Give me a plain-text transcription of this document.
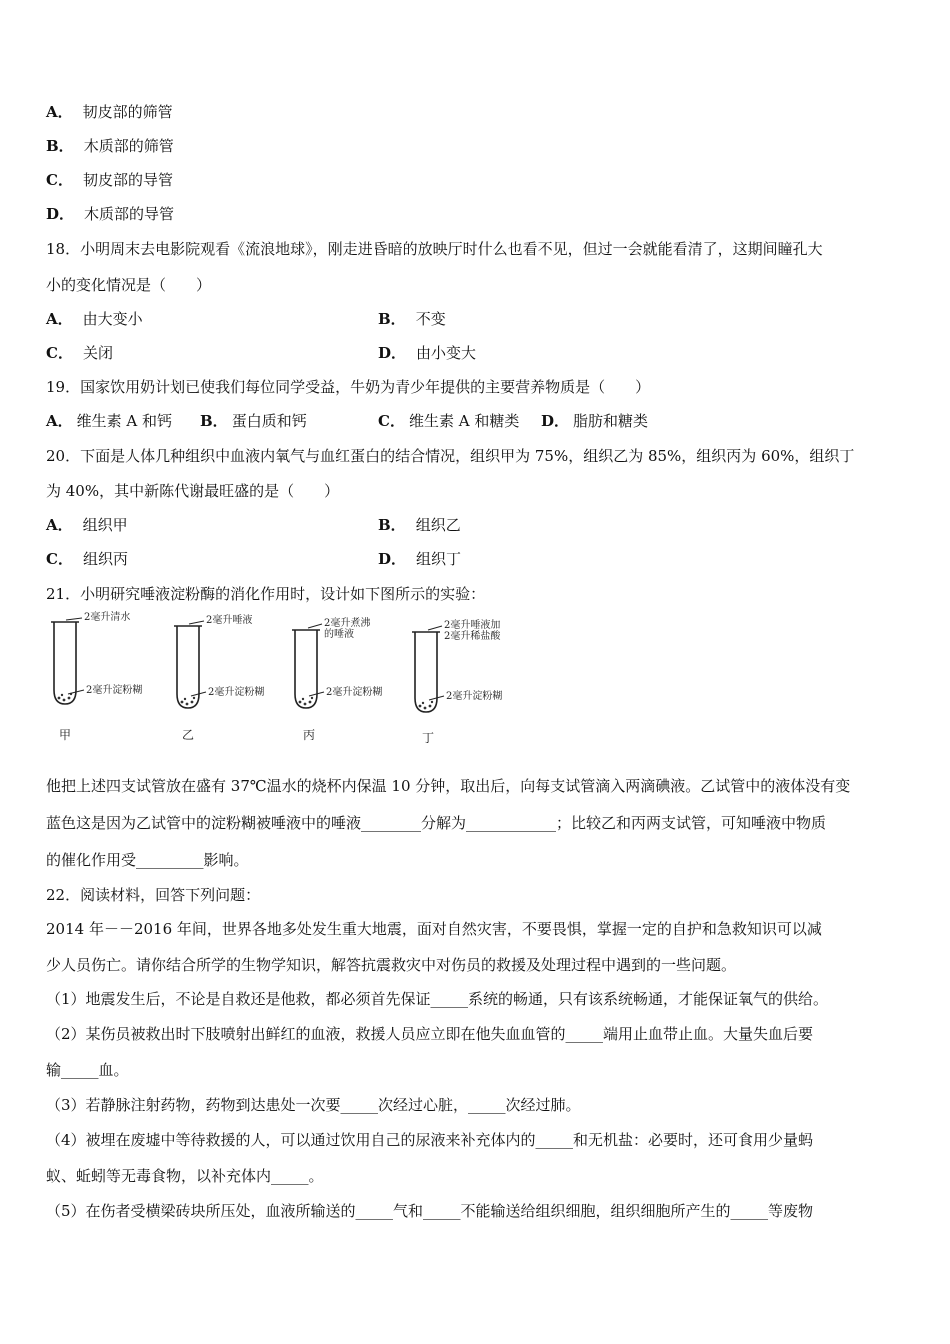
A． 韧皮部的筛管
B． 木质部的筛管
C． 韧皮部的导管
D． 木质部的导管
18．小明周末去电影院观看《流浪地球》，刚走进昏暗的放映厅时什么也看不见，但过一会就能看清了，这期间瞳孔大
小的变化情况是（　　）
A． 由大变小	B． 不变
C． 关闭	D． 由小变大
19．国家饮用奶计划已使我们每位同学受益，牛奶为青少年提供的主要营养物质是（　　）
A． 维生素 A 和钙 B． 蛋白质和钙	C． 维生素 A 和糖类 D． 脂肪和糖类
20．下面是人体几种组织中血液内氧气与血红蛋白的结合情况，组织甲为 75%，组织乙为 85%，组织丙为 60%，组织丁
为 40%，其中新陈代谢最旺盛的是（　　）
A． 组织甲	B． 组织乙
C． 组织丙	D． 组织丁
21．小明研究唾液淀粉酶的消化作用时，设计如下图所示的实验：
2毫升清水
2毫升淀粉糊
2毫升唾液
2毫升淀粉糊
2毫升煮沸的唾液
2毫升淀粉糊
2毫升唾液加2毫升稀盐酸
2毫升淀粉糊
甲	乙	丙	丁
他把上述四支试管放在盛有 37℃温水的烧杯内保温 10 分钟，取出后，向每支试管滴入两滴碘液。乙试管中的液体没有变
蓝色这是因为乙试管中的淀粉糊被唾液中的唾液________分解为____________；比较乙和丙两支试管，可知唾液中物质
的催化作用受_________影响。
22．阅读材料，回答下列问题：
2014 年－－2016 年间，世界各地多处发生重大地震，面对自然灾害，不要畏惧，掌握一定的自护和急救知识可以减
少人员伤亡。请你结合所学的生物学知识，解答抗震救灾中对伤员的救援及处理过程中遇到的一些问题。
（1）地震发生后，不论是自救还是他救，都必须首先保证_____系统的畅通，只有该系统畅通，才能保证氧气的供给。
（2）某伤员被救出时下肢喷射出鲜红的血液，救援人员应立即在他失血血管的_____端用止血带止血。大量失血后要
输_____血。
（3）若静脉注射药物，药物到达患处一次要_____次经过心脏，_____次经过肺。
（4）被埋在废墟中等待救援的人，可以通过饮用自己的尿液来补充体内的_____和无机盐：必要时，还可食用少量蚂
蚁、蚯蚓等无毒食物，以补充体内_____。
（5）在伤者受横梁砖块所压处，血液所输送的_____气和_____不能输送给组织细胞，组织细胞所产生的_____等废物
